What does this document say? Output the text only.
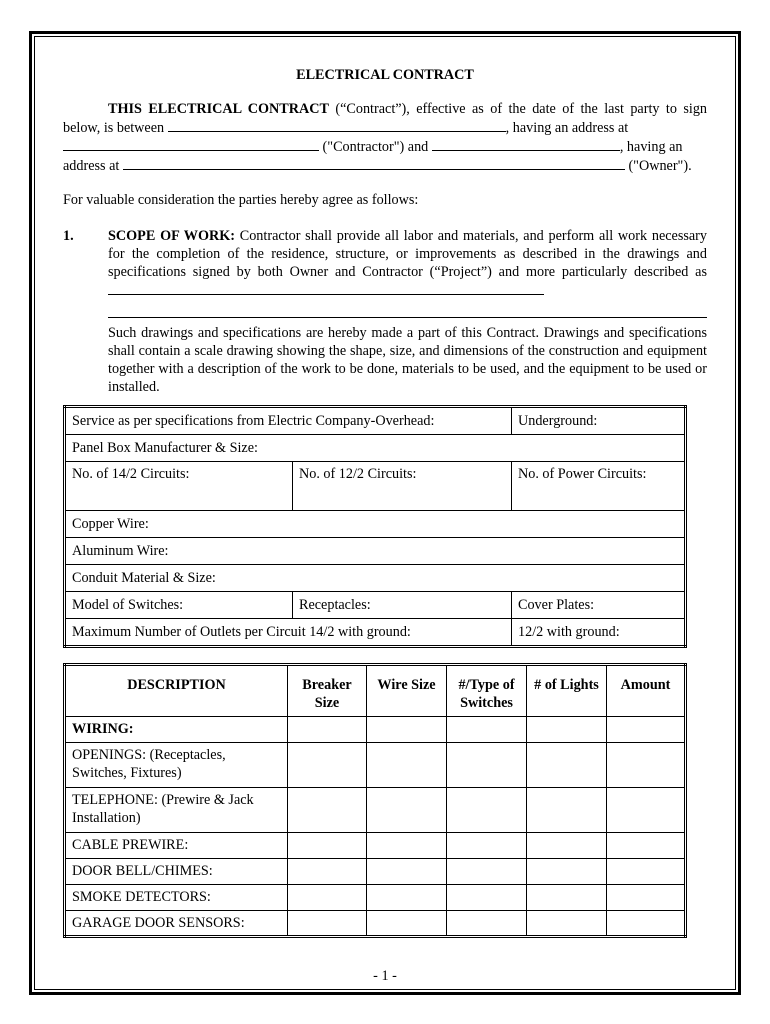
ELECTRICAL CONTRACT
THIS ELECTRICAL CONTRACT (“Contract”), effective as of the date of the last party to sign below, is between	, having an address at
("Contractor") and	, having an
address at	("Owner").
For valuable consideration the parties hereby agree as follows:
1. SCOPE OF WORK: Contractor shall provide all labor and materials, and perform all work necessary for the completion of the residence, structure, or improvements as described in the drawings and specifications signed by both Owner and Contractor (“Project”) and more particularly described as
Such drawings and specifications are hereby made a part of this Contract. Drawings and specifications shall contain a scale drawing showing the shape, size, and dimensions of the construction and equipment together with a description of the work to be done, materials to be used, and the equipment to be used or installed.
Service as per specifications from Electric Company-Overhead:		Underground:
Panel Box Manufacturer & Size:		
No. of 14/2 Circuits:	No. of 12/2 Circuits:	No. of Power Circuits:
Copper Wire:		
Aluminum Wire:		
Conduit Material & Size:		
Model of Switches:	Receptacles:	Cover Plates:
Maximum Number of Outlets per Circuit 14/2 with ground:		12/2 with ground:
DESCRIPTION	Breaker Size	Wire Size	#/Type of Switches	# of Lights	Amount
WIRING:					
OPENINGS: (Receptacles, Switches, Fixtures)					
TELEPHONE: (Prewire & Jack Installation)					
CABLE PREWIRE:					
DOOR BELL/CHIMES:					
SMOKE DETECTORS:					
GARAGE DOOR SENSORS:					
- 1 -
